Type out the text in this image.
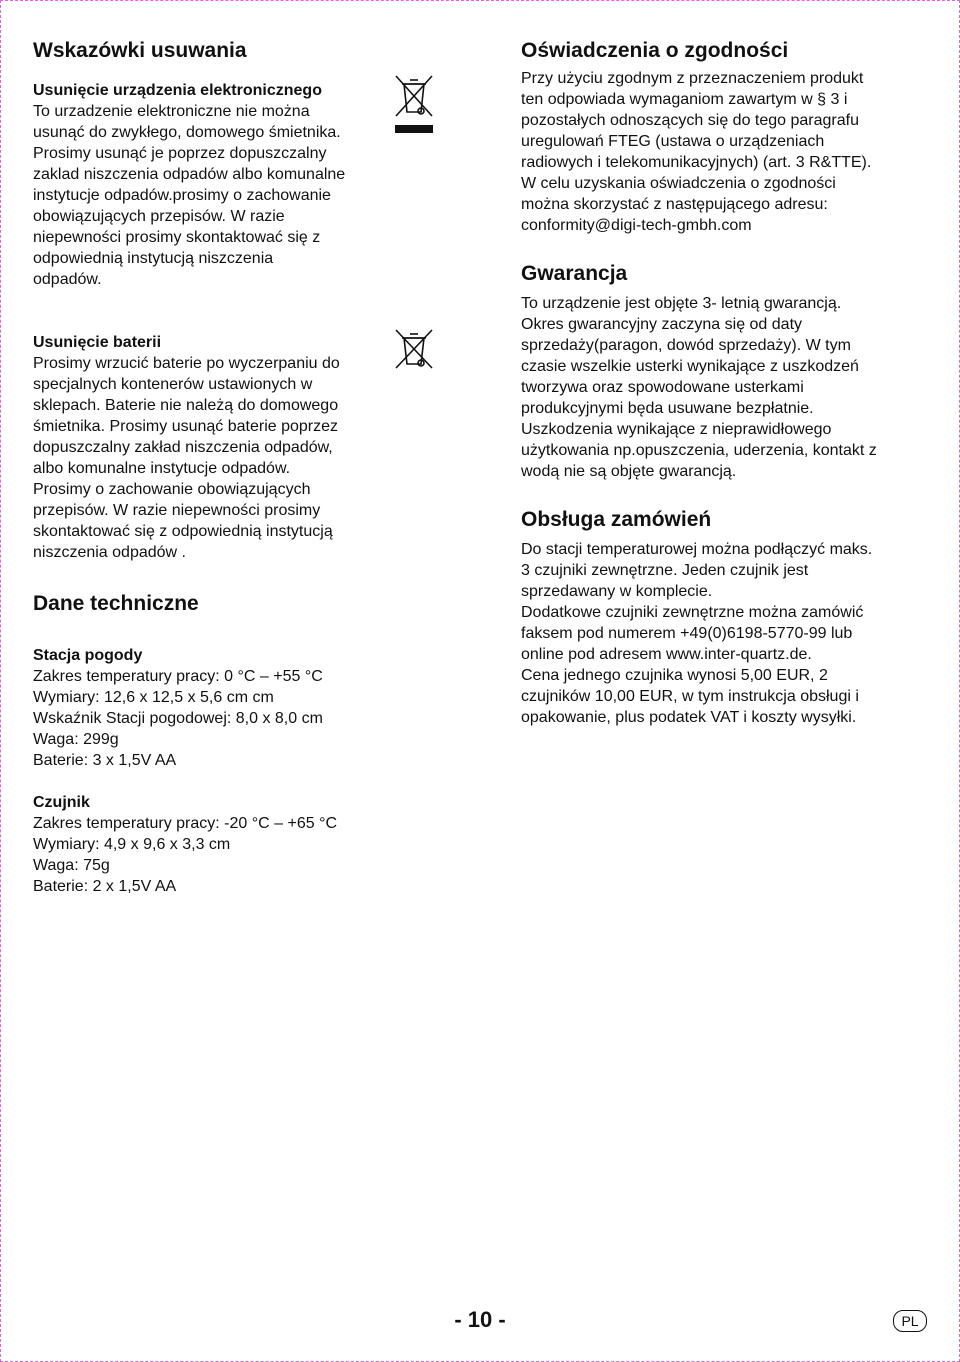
Wskazówki usuwania
Usunięcie urządzenia elektronicznego

To urzadzenie elektroniczne nie można

usunąć do zwykłego, domowego śmietnika.

Prosimy usunąć je poprzez dopuszczalny

zaklad niszczenia odpadów albo komunalne

instytucje odpadów.prosimy o zachowanie

obowiązujących przepisów. W razie

niepewności prosimy skontaktować się z

odpowiednią instytucją niszczenia

odpadów.

Usunięcie baterii

Prosimy wrzucić baterie po wyczerpaniu do

specjalnych kontenerów ustawionych w

sklepach. Baterie nie należą do domowego

śmietnika. Prosimy usunąć baterie poprzez

dopuszczalny zakład niszczenia odpadów,

albo komunalne instytucje odpadów.

Prosimy o zachowanie obowiązujących

przepisów. W razie niepewności prosimy

skontaktować się z odpowiednią instytucją

niszczenia odpadów .

Dane techniczne
Stacja pogody

Zakres temperatury pracy: 0 °C – +55 °C

Wymiary: 12,6 x 12,5 x 5,6 cm cm

Wskaźnik Stacji pogodowej: 8,0 x 8,0 cm

Waga: 299g

Baterie: 3 x 1,5V AA

Czujnik

Zakres temperatury pracy: -20 °C – +65 °C

Wymiary: 4,9 x 9,6 x 3,3 cm

Waga: 75g

Baterie: 2 x 1,5V AA

Oświadczenia o zgodności

Przy użyciu zgodnym z przeznaczeniem produkt

ten odpowiada wymaganiom zawartym w § 3 i

pozostałych odnoszących się do tego paragrafu

uregulowań FTEG (ustawa o urządzeniach

radiowych i telekomunikacyjnych) (art. 3 R&TTE).

W celu uzyskania oświadczenia o zgodności

można skorzystać z następującego adresu:

conformity@digi-tech-gmbh.com

Gwarancja

To urządzenie jest objęte 3- letnią gwarancją.

Okres gwarancyjny zaczyna się od daty

sprzedaży(paragon, dowód sprzedaży). W tym

czasie wszelkie usterki wynikające z uszkodzeń

tworzywa oraz spowodowane usterkami

produkcyjnymi będa usuwane bezpłatnie.

Uszkodzenia wynikające z nieprawidłowego

użytkowania np.opuszczenia, uderzenia, kontakt z

wodą nie są objęte gwarancją.

Obsługa zamówień

Do stacji temperaturowej można podłączyć maks.

3 czujniki zewnętrzne. Jeden czujnik jest

sprzedawany w komplecie.

Dodatkowe czujniki zewnętrzne można zamówić

faksem pod numerem +49(0)6198-5770-99 lub

online pod adresem www.inter-quartz.de.

Cena jednego czujnika wynosi 5,00 EUR, 2

czujników 10,00 EUR, w tym instrukcja obsługi i

opakowanie, plus podatek VAT i koszty wysyłki.

- 10 -	PL
